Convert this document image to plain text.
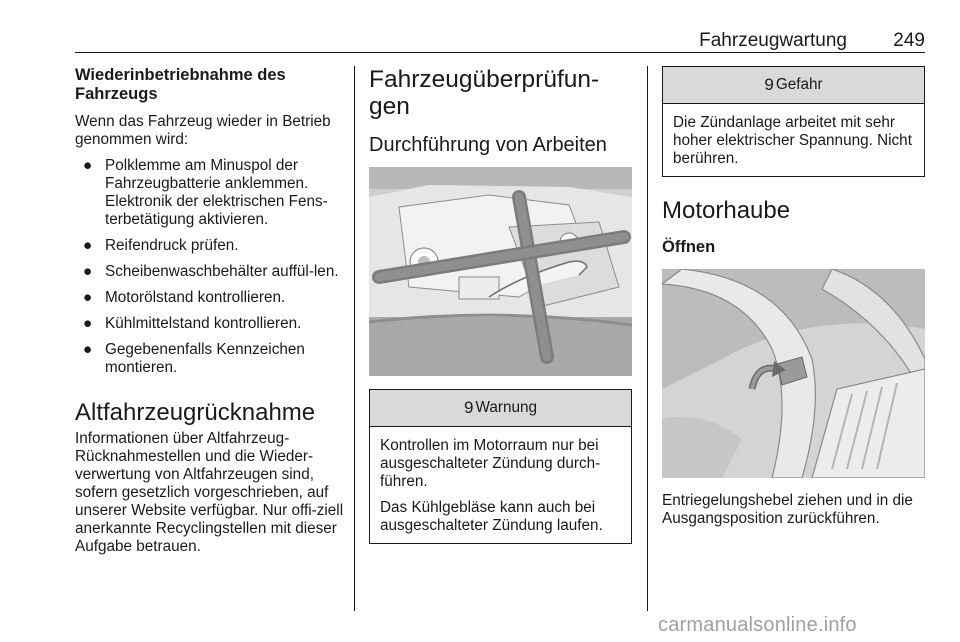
Fahrzeugwartung 249
Wiederinbetriebnahme des Fahrzeugs
Wenn das Fahrzeug wieder in Betrieb genommen wird:
● Polklemme am Minuspol der Fahrzeugbatterie anklemmen. Elektronik der elektrischen Fens-terbetätigung aktivieren.
● Reifendruck prüfen.
● Scheibenwaschbehälter auffül-len.
● Motorölstand kontrollieren.
● Kühlmittelstand kontrollieren.
● Gegebenenfalls Kennzeichen montieren.
Altfahrzeugrücknahme
Informationen über Altfahrzeug-Rücknahmestellen und die Wieder-verwertung von Altfahrzeugen sind, sofern gesetzlich vorgeschrieben, auf unserer Website verfügbar. Nur offi-ziell anerkannte Recyclingstellen mit dieser Aufgabe betrauen.
Fahrzeugüberprüfun-gen
Durchführung von Arbeiten
9 Warnung
Kontrollen im Motorraum nur bei ausgeschalteter Zündung durch-führen.
Das Kühlgebläse kann auch bei ausgeschalteter Zündung laufen.
9 Gefahr
Die Zündanlage arbeitet mit sehr hoher elektrischer Spannung. Nicht berühren.
Motorhaube
Öffnen
Entriegelungshebel ziehen und in die Ausgangsposition zurückführen.
carmanualsonline.info
